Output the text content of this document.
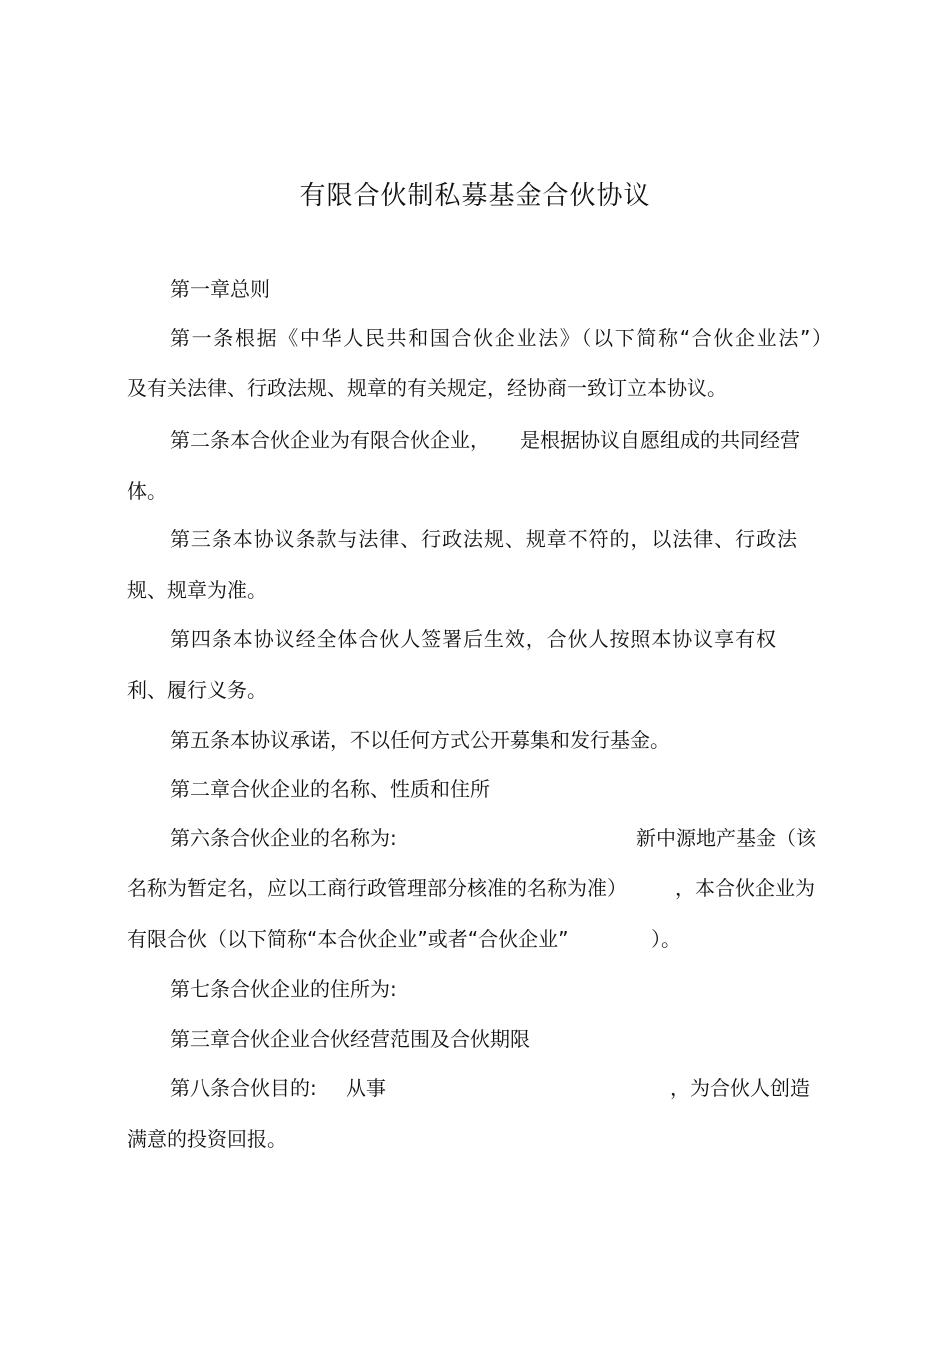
有限合伙制私募基金合伙协议
第一章总则
第一条根据《中华人民共和国合伙企业法》（以下简称“合伙企业法”）
及有关法律、行政法规、规章的有关规定，经协商一致订立本协议。
第二条本合伙企业为有限合伙企业， 是根据协议自愿组成的共同经营
体。
第三条本协议条款与法律、行政法规、规章不符的，以法律、行政法
规、规章为准。
第四条本协议经全体合伙人签署后生效，合伙人按照本协议享有权
利、履行义务。
第五条本协议承诺，不以任何方式公开募集和发行基金。
第二章合伙企业的名称、性质和住所
第六条合伙企业的名称为:	新中源地产基金（该
名称为暂定名，应以工商行政管理部分核准的名称为准） ，本合伙企业为
有限合伙（以下简称“本合伙企业”或者“合伙企业”	）。
第七条合伙企业的住所为:
第三章合伙企业合伙经营范围及合伙期限
第八条合伙目的: 从事	，为合伙人创造
满意的投资回报。
